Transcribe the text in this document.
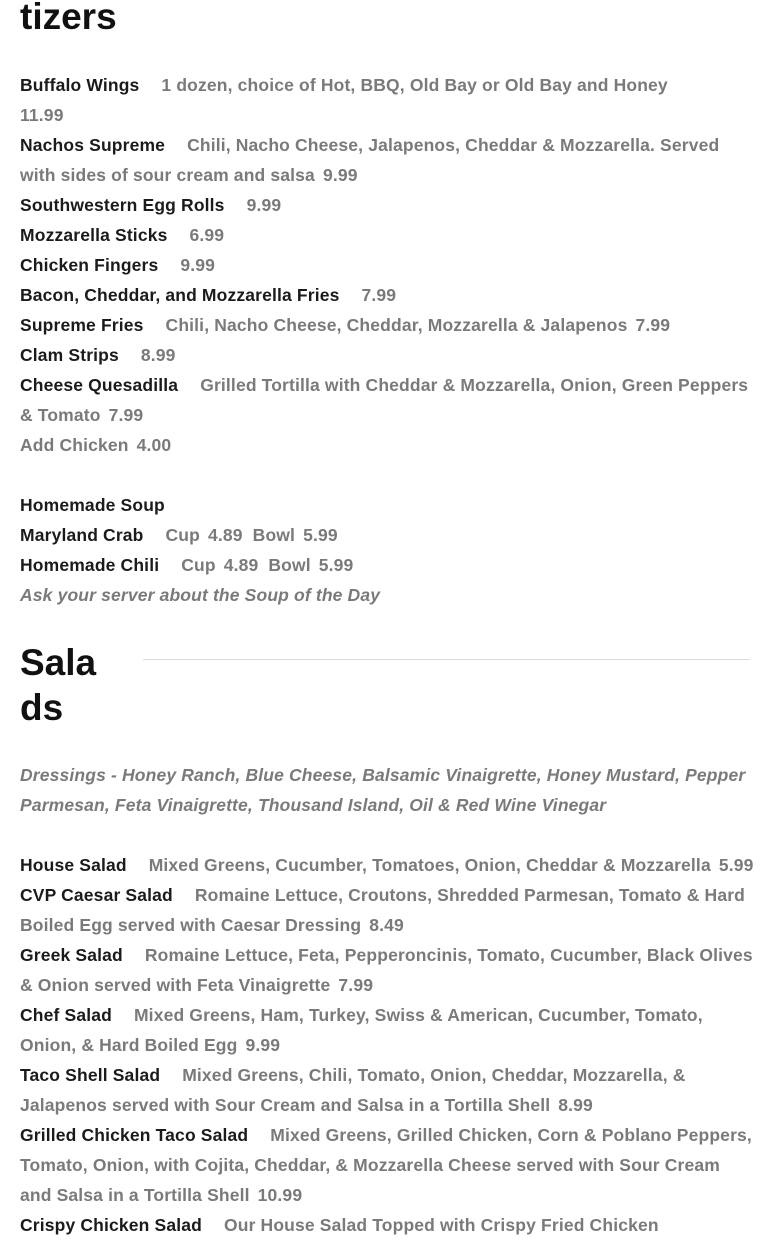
tizers
Buffalo Wings 1 dozen, choice of Hot, BBQ, Old Bay or Old Bay and Honey
11.99
Nachos Supreme Chili, Nacho Cheese, Jalapenos, Cheddar & Mozzarella. Served with sides of sour cream and salsa 9.99
Southwestern Egg Rolls 9.99
Mozzarella Sticks 6.99
Chicken Fingers 9.99
Bacon, Cheddar, and Mozzarella Fries 7.99
Supreme Fries Chili, Nacho Cheese, Cheddar, Mozzarella & Jalapenos 7.99
Clam Strips 8.99
Cheese Quesadilla Grilled Tortilla with Cheddar & Mozzarella, Onion, Green Peppers & Tomato 7.99
Add Chicken 4.00
Homemade Soup
Maryland Crab Cup 4.89 Bowl 5.99
Homemade Chili Cup 4.89 Bowl 5.99
Ask your server about the Soup of the Day
Salads
Dressings - Honey Ranch, Blue Cheese, Balsamic Vinaigrette, Honey Mustard, Pepper Parmesan, Feta Vinaigrette, Thousand Island, Oil & Red Wine Vinegar
House Salad Mixed Greens, Cucumber, Tomatoes, Onion, Cheddar & Mozzarella 5.99
CVP Caesar Salad Romaine Lettuce, Croutons, Shredded Parmesan, Tomato & Hard Boiled Egg served with Caesar Dressing 8.49
Greek Salad Romaine Lettuce, Feta, Pepperoncinis, Tomato, Cucumber, Black Olives & Onion served with Feta Vinaigrette 7.99
Chef Salad Mixed Greens, Ham, Turkey, Swiss & American, Cucumber, Tomato, Onion, & Hard Boiled Egg 9.99
Taco Shell Salad Mixed Greens, Chili, Tomato, Onion, Cheddar, Mozzarella, & Jalapenos served with Sour Cream and Salsa in a Tortilla Shell 8.99
Grilled Chicken Taco Salad Mixed Greens, Grilled Chicken, Corn & Poblano Peppers, Tomato, Onion, with Cojita, Cheddar, & Mozzarella Cheese served with Sour Cream and Salsa in a Tortilla Shell 10.99
Crispy Chicken Salad Our House Salad Topped with Crispy Fried Chicken
